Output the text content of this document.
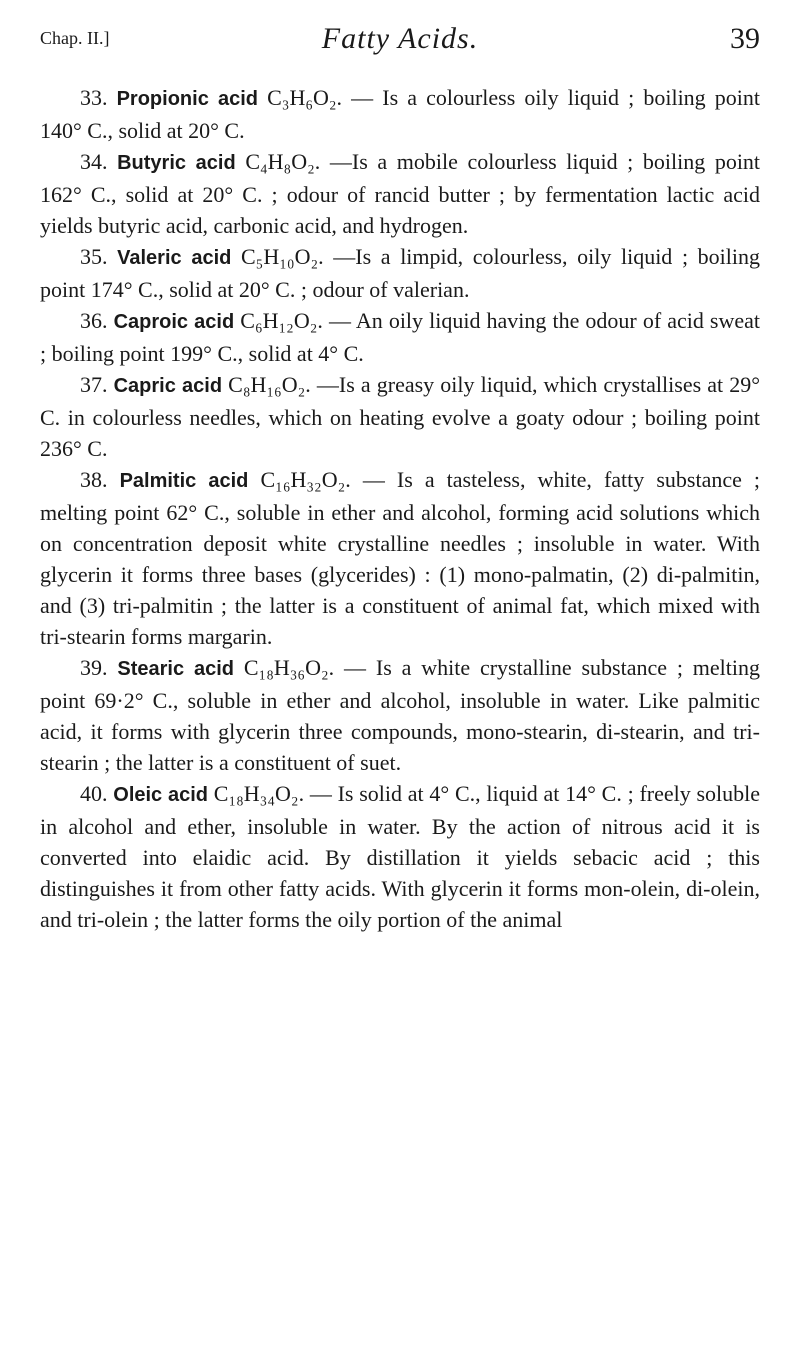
Chap. II.]	Fatty Acids.	39

33. Propionic acid C₃H₆O₂. — Is a colourless oily liquid ; boiling point 140° C., solid at 20° C.

34. Butyric acid C₄H₈O₂. —Is a mobile colourless liquid ; boiling point 162° C., solid at 20° C. ; odour of rancid butter ; by fermentation lactic acid yields butyric acid, carbonic acid, and hydrogen.

35. Valeric acid C₅H₁₀O₂. —Is a limpid, colourless, oily liquid ; boiling point 174° C., solid at 20° C. ; odour of valerian.

36. Caproic acid C₆H₁₂O₂. — An oily liquid having the odour of acid sweat ; boiling point 199° C., solid at 4° C.

37. Capric acid C₈H₁₆O₂. —Is a greasy oily liquid, which crystallises at 29° C. in colourless needles, which on heating evolve a goaty odour ; boiling point 236° C.

38. Palmitic acid C₁₆H₃₂O₂. — Is a tasteless, white, fatty substance ; melting point 62° C., soluble in ether and alcohol, forming acid solutions which on concentration deposit white crystalline needles ; insoluble in water. With glycerin it forms three bases (glycerides) : (1) mono-palmatin, (2) di-palmitin, and (3) tri-palmitin ; the latter is a constituent of animal fat, which mixed with tri-stearin forms margarin.

39. Stearic acid C₁₈H₃₆O₂. — Is a white crystalline substance ; melting point 69·2° C., soluble in ether and alcohol, insoluble in water. Like palmitic acid, it forms with glycerin three compounds, mono-stearin, di-stearin, and tri-stearin ; the latter is a constituent of suet.

40. Oleic acid C₁₈H₃₄O₂. — Is solid at 4° C., liquid at 14° C. ; freely soluble in alcohol and ether, insoluble in water. By the action of nitrous acid it is converted into elaidic acid. By distillation it yields sebacic acid ; this distinguishes it from other fatty acids. With glycerin it forms mon-olein, di-olein, and tri-olein ; the latter forms the oily portion of the animal
